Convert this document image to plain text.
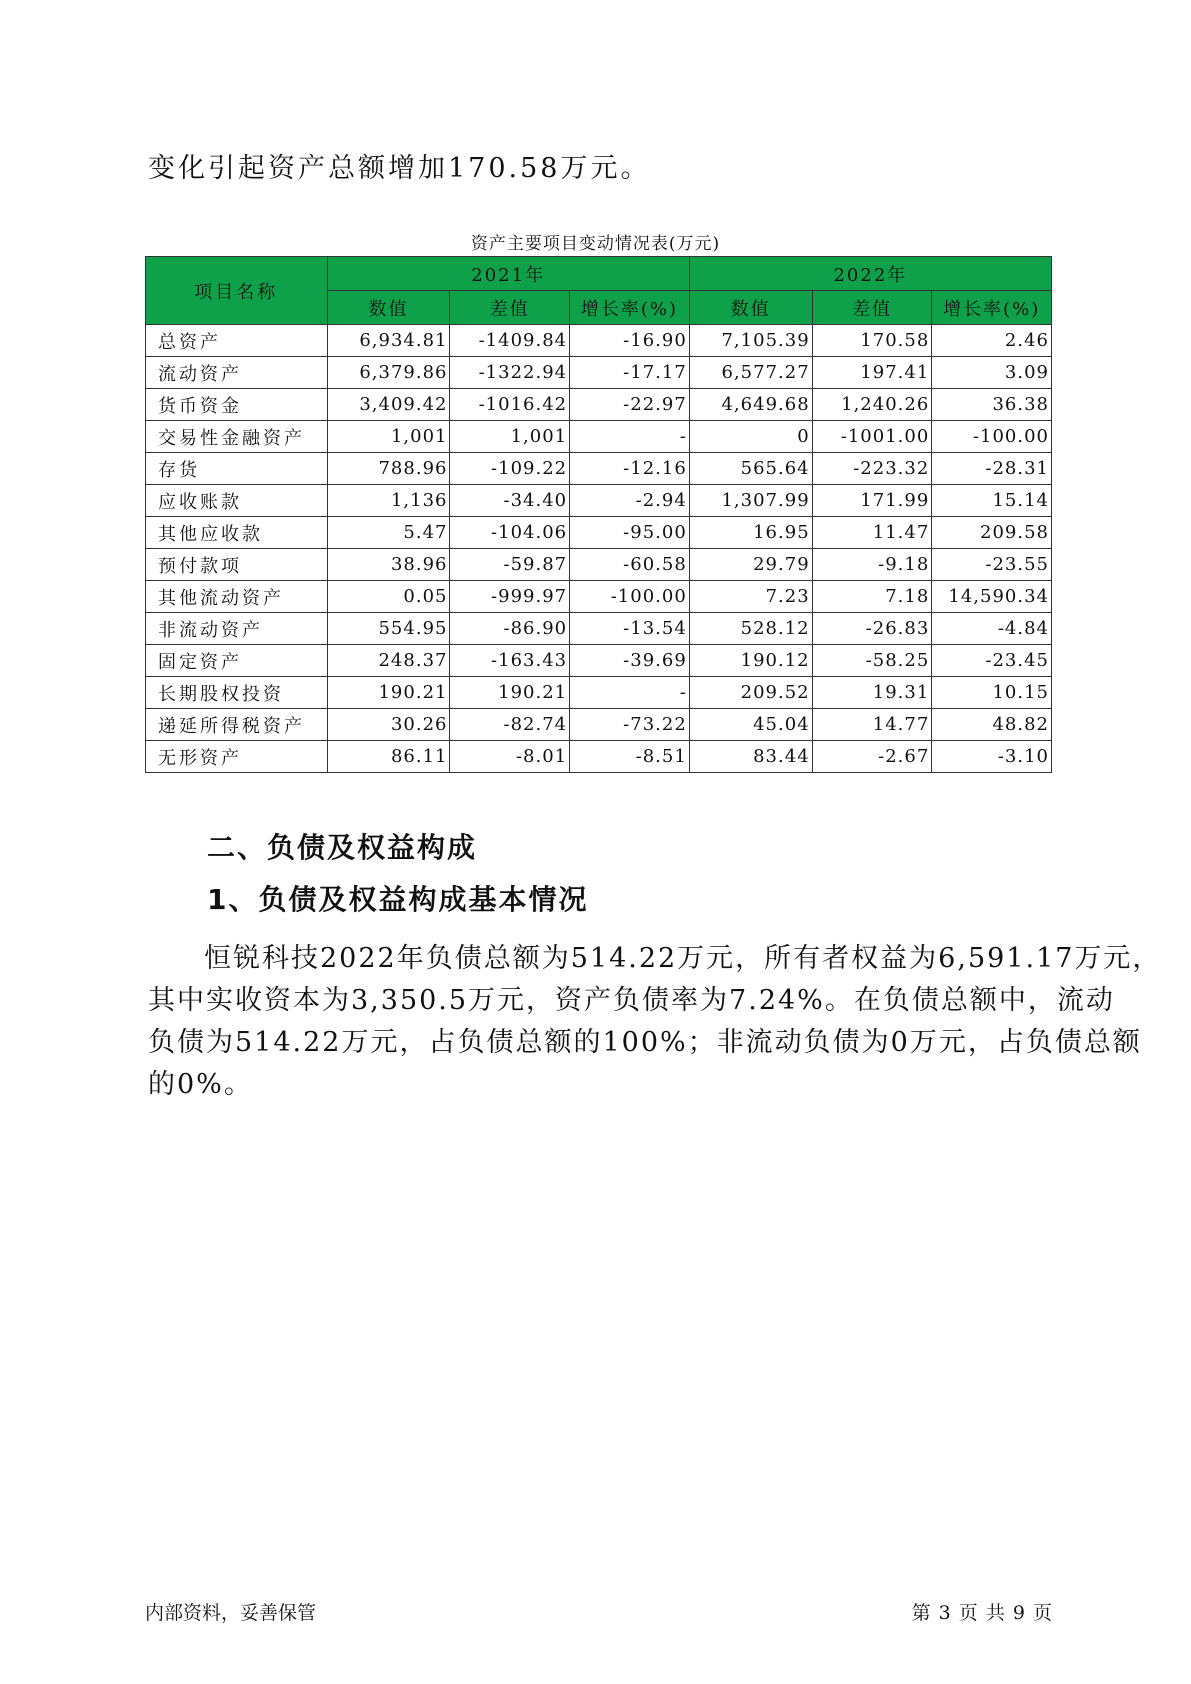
变化引起资产总额增加170.58万元。
资产主要项目变动情况表(万元)
项目名称	2021年			2022年		
	数值	差值	增长率(%)	数值	差值	增长率(%)
总资产	6,934.81	-1409.84	-16.90	7,105.39	170.58	2.46
流动资产	6,379.86	-1322.94	-17.17	6,577.27	197.41	3.09
货币资金	3,409.42	-1016.42	-22.97	4,649.68	1,240.26	36.38
交易性金融资产	1,001	1,001	-	0	-1001.00	-100.00
存货	788.96	-109.22	-12.16	565.64	-223.32	-28.31
应收账款	1,136	-34.40	-2.94	1,307.99	171.99	15.14
其他应收款	5.47	-104.06	-95.00	16.95	11.47	209.58
预付款项	38.96	-59.87	-60.58	29.79	-9.18	-23.55
其他流动资产	0.05	-999.97	-100.00	7.23	7.18	14,590.34
非流动资产	554.95	-86.90	-13.54	528.12	-26.83	-4.84
固定资产	248.37	-163.43	-39.69	190.12	-58.25	-23.45
长期股权投资	190.21	190.21	-	209.52	19.31	10.15
递延所得税资产	30.26	-82.74	-73.22	45.04	14.77	48.82
无形资产	86.11	-8.01	-8.51	83.44	-2.67	-3.10
二、负债及权益构成
1、负债及权益构成基本情况
恒锐科技2022年负债总额为514.22万元，所有者权益为6,591.17万元，
其中实收资本为3,350.5万元，资产负债率为7.24%。在负债总额中，流动
负债为514.22万元，占负债总额的100%；非流动负债为0万元，占负债总额
的0%。
内部资料，妥善保管	第 3 页 共 9 页
